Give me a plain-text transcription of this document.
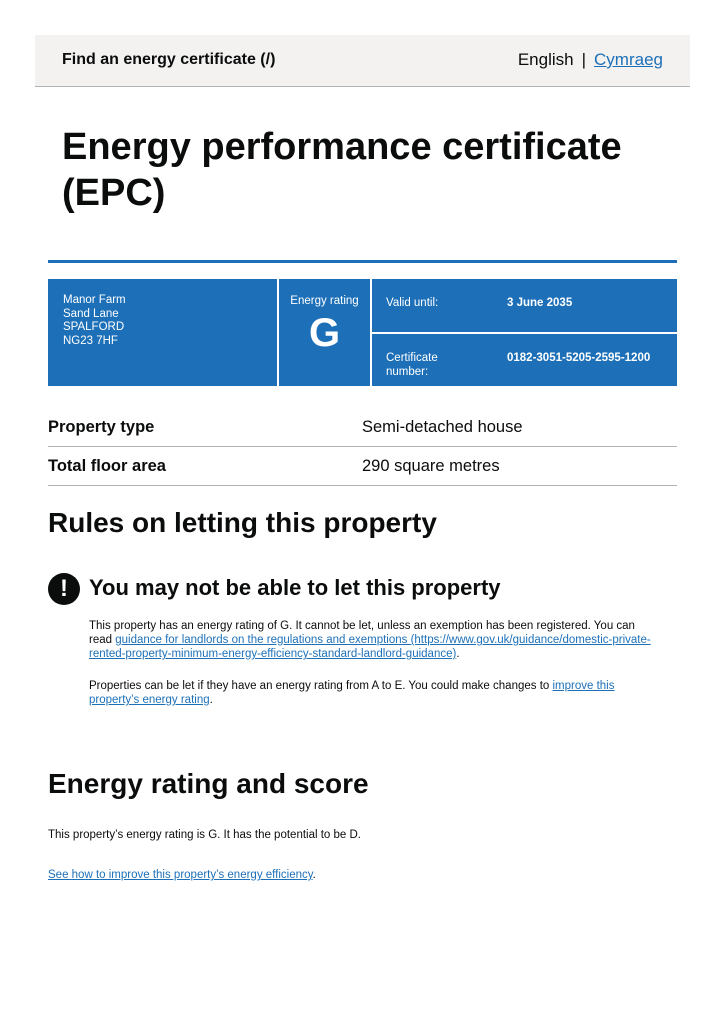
Find an energy certificate (/)	English | Cymraeg
Energy performance certificate (EPC)
Manor Farm
Sand Lane
SPALFORD
NG23 7HF
Energy rating
G
Valid until:	3 June 2035
Certificate number:
0182-3051-5205-2595-1200
Property type	Semi-detached house
Total floor area	290 square metres
Rules on letting this property
! You may not be able to let this property
This property has an energy rating of G. It cannot be let, unless an exemption has been registered. You can read guidance for landlords on the regulations and exemptions (https://www.gov.uk/guidance/domestic-private-rented-property-minimum-energy-efficiency-standard-landlord-guidance).
Properties can be let if they have an energy rating from A to E. You could make changes to improve this property’s energy rating.
Energy rating and score
This property’s energy rating is G. It has the potential to be D.
See how to improve this property’s energy efficiency.
